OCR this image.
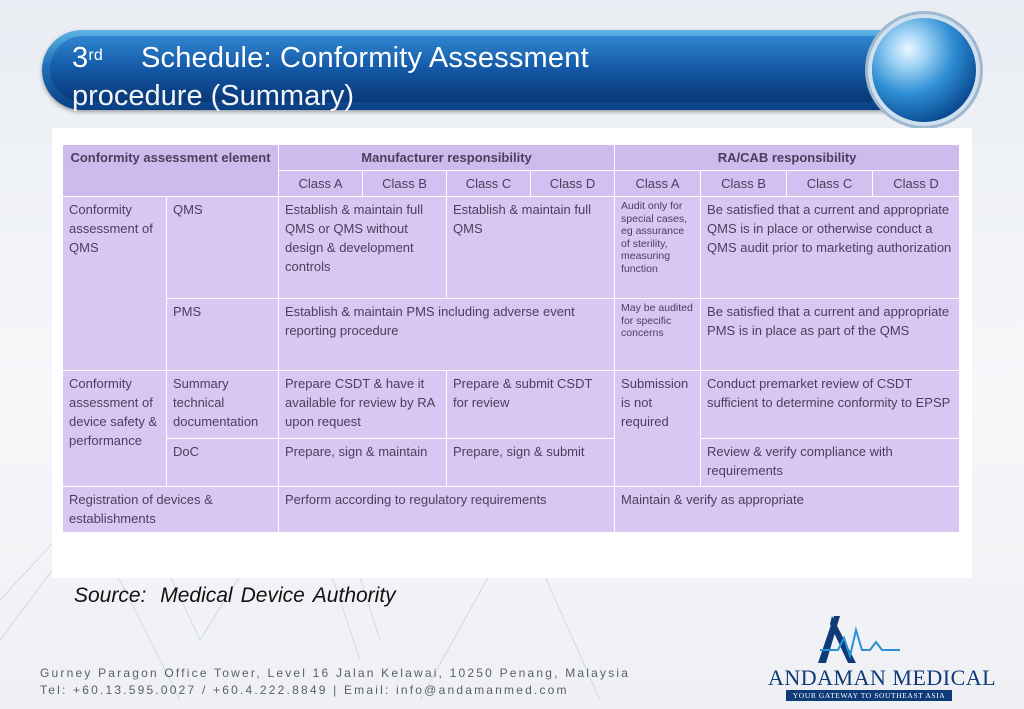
3rd Schedule: Conformity Assessment
procedure (Summary)
Conformity assessment element		Manufacturer responsibility				RA/CAB responsibility			
		Class A	Class B	Class C	Class D	Class A	Class B	Class C	Class D
Conformity assessment of QMS	QMS	Establish & maintain full QMS or QMS without design & development controls		Establish & maintain full QMS		Audit only for special cases, eg assurance of sterility, measuring function	Be satisfied that a current and appropriate QMS is in place or otherwise conduct a QMS audit prior to marketing authorization		
	PMS	Establish & maintain PMS including adverse event reporting procedure				May be audited for specific concerns	Be satisfied that a current and appropriate PMS is in place as part of the QMS		
Conformity assessment of device safety & performance	Summary technical documentation	Prepare CSDT & have it available for review by RA upon request		Prepare & submit CSDT for review		Submission is not required	Conduct premarket review of CSDT sufficient to determine conformity to EPSP		
	DoC	Prepare, sign & maintain		Prepare, sign & submit			Review & verify compliance with requirements		
Registration of devices & establishments		Perform according to regulatory requirements				Maintain & verify as appropriate			
Source: Medical Device Authority
Gurney Paragon Office Tower, Level 16 Jalan Kelawai, 10250 Penang, Malaysia
Tel: +60.13.595.0027 / +60.4.222.8849 | Email: info@andamanmed.com	ANDAMAN MEDICAL
YOUR GATEWAY TO SOUTHEAST ASIA
